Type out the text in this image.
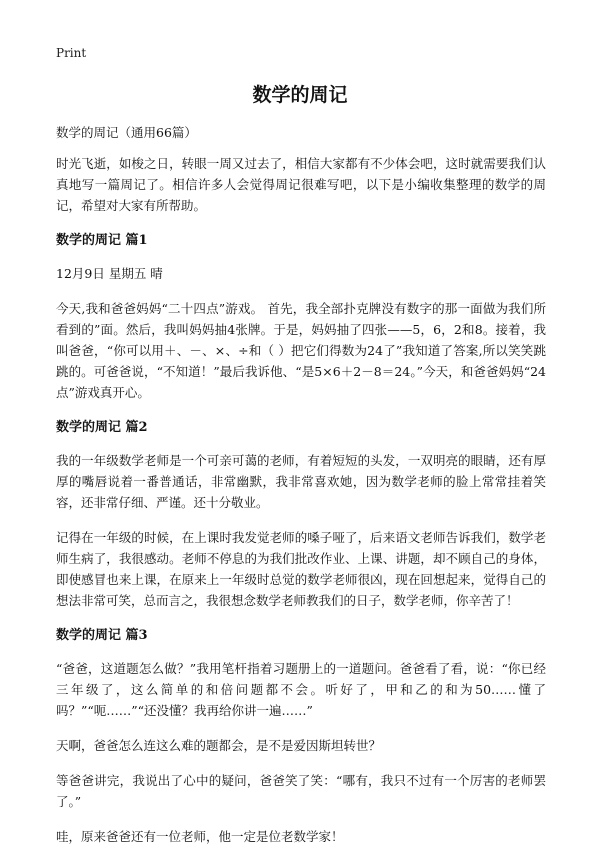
Print
数学的周记

数学的周记（通用66篇）

时光飞逝，如梭之日，转眼一周又过去了，相信大家都有不少体会吧，这时就需要我们认真地写一篇周记了。相信许多人会觉得周记很难写吧，以下是小编收集整理的数学的周记，希望对大家有所帮助。

数学的周记 篇1

12月9日 星期五 晴

今天,我和爸爸妈妈“二十四点”游戏。 首先，我全部扑克牌没有数字的那一面做为我们所看到的”面。然后，我叫妈妈抽4张牌。于是，妈妈抽了四张——5，6，2和8。接着，我叫爸爸，“你可以用＋、－、×、÷和（ ）把它们得数为24了”我知道了答案,所以笑笑跳跳的。可爸爸说，“不知道！”最后我诉他、“是5×6＋2－8＝24。”今天，和爸爸妈妈“24点”游戏真开心。

数学的周记 篇2

我的一年级数学老师是一个可亲可蔼的老师，有着短短的头发，一双明亮的眼睛，还有厚厚的嘴唇说着一番普通话，非常幽默，我非常喜欢她，因为数学老师的脸上常常挂着笑容，还非常仔细、严谨。还十分敬业。

记得在一年级的时候，在上课时我发觉老师的嗓子哑了，后来语文老师告诉我们，数学老师生病了，我很感动。老师不停息的为我们批改作业、上课、讲题，却不顾自己的身体，即使感冒也来上课，在原来上一年级时总觉的数学老师很凶，现在回想起来，觉得自己的想法非常可笑，总而言之，我很想念数学老师教我们的日子，数学老师，你辛苦了！

数学的周记 篇3

“爸爸，这道题怎么做？”我用笔杆指着习题册上的一道题问。爸爸看了看，说：“你已经三年级了，这么简单的和倍问题都不会。听好了，甲和乙的和为50……懂了吗？”“呃……”“还没懂？我再给你讲一遍……”

天啊，爸爸怎么连这么难的题都会，是不是爱因斯坦转世？

等爸爸讲完，我说出了心中的疑问，爸爸笑了笑：“哪有，我只不过有一个厉害的老师罢了。”

哇，原来爸爸还有一位老师，他一定是位老数学家！
